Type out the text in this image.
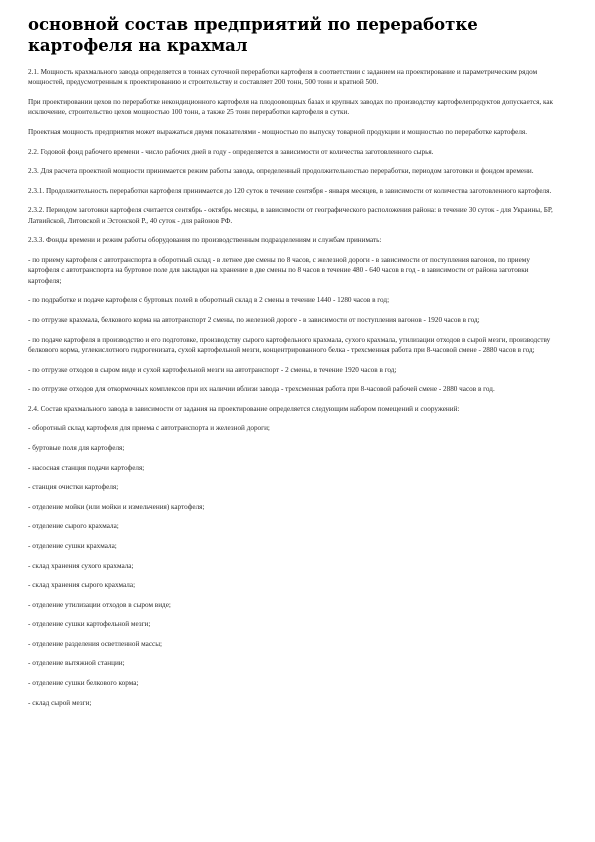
основной состав предприятий по переработке картофеля на крахмал

2.1. Мощность крахмального завода определяется в тоннах суточной переработки картофеля в соответствии с заданием на проектирование и параметрическим рядом мощностей, предусмотренным к проектированию и строительству и составляет 200 тонн, 500 тонн и кратной 500.

При проектировании цехов по переработке некондиционного картофеля на плодоовощных базах и крупных заводах по производству картофелепродуктов допускается, как исключение, строительство цехов мощностью 100 тонн, а также 25 тонн переработки картофеля в сутки.

Проектная мощность предприятия может выражаться двумя показателями - мощностью по выпуску товарной продукции и мощностью по переработке картофеля.

2.2. Годовой фонд рабочего времени - число рабочих дней в году - определяется в зависимости от количества заготовленного сырья.

2.3. Для расчета проектной мощности принимается режим работы завода, определенный продолжительностью переработки, периодом заготовки и фондом времени.

2.3.1. Продолжительность переработки картофеля принимается до 120 суток в течение сентября - января месяцев, в зависимости от количества заготовленного картофеля.

2.3.2. Периодом заготовки картофеля считается сентябрь - октябрь месяцы, в зависимости от географического расположения района: в течение 30 суток - для Украины, БР, Латвийской, Литовской и Эстонской Р., 40 суток - для районов РФ.

2.3.3. Фонды времени и режим работы оборудования по производственным подразделениям и службам принимать:

- по приему картофеля с автотранспорта в оборотный склад - в летнее две смены по 8 часов, с железной дороги - в зависимости от поступления вагонов, по приему картофеля с автотранспорта на буртовое поле для закладки на хранение в две смены по 8 часов в течение 480 - 640 часов в год - в зависимости от района заготовки картофеля;

- по подработке и подаче картофеля с буртовых полей в оборотный склад в 2 смены в течение 1440 - 1280 часов в год;

- по отгрузке крахмала, белкового корма на автотранспорт 2 смены, по железной дороге - в зависимости от поступления вагонов - 1920 часов в год;

- по подаче картофеля в производство и его подготовке, производству сырого картофельного крахмала, сухого крахмала, утилизации отходов в сырой мезги, производству белкового корма, углекислотного гидрогенизата, сухой картофельной мезги, концентрированного белка - трехсменная работа при 8-часовой смене - 2880 часов в год;

- по отгрузке отходов в сыром виде и сухой картофельной мезги на автотранспорт - 2 смены, в течение 1920 часов в год;

- по отгрузке отходов для откормочных комплексов при их наличии вблизи завода - трехсменная работа при 8-часовой рабочей смене - 2880 часов в год.

2.4. Состав крахмального завода в зависимости от задания на проектирование определяется следующим набором помещений и сооружений:

- оборотный склад картофеля для приема с автотранспорта и железной дороги;

- буртовые поля для картофеля;

- насосная станция подачи картофеля;

- станция очистки картофеля;

- отделение мойки (или мойки и измельчения) картофеля;

- отделение сырого крахмала;

- отделение сушки крахмала;

- склад хранения сухого крахмала;

- склад хранения сырого крахмала;

- отделение утилизации отходов в сыром виде;

- отделение сушки картофельной мезги;

- отделение разделения осветленной массы;

- отделение вытяжной станции;

- отделение сушки белкового корма;

- склад сырой мезги;
